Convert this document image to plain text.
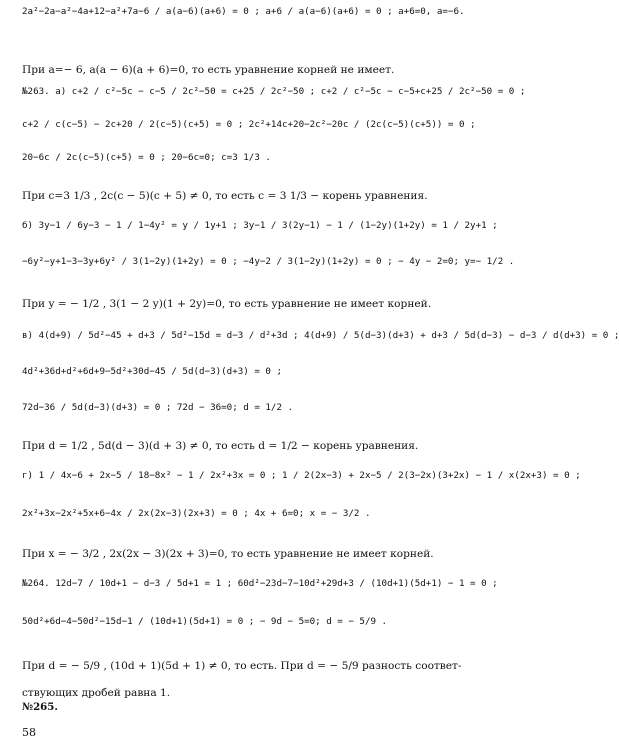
2a²−2a−a²−4a+12−a²+7a−6 / a(a−6)(a+6) = 0 ; a+6 / a(a−6)(a+6) = 0 ; a+6=0, a=−6.
При a=− 6, a(a − 6)(a + 6)=0, то есть уравнение корней не имеет.
№263. а) c+2 / c²−5c − c−5 / 2c²−50 = c+25 / 2c²−50 ; c+2 / c²−5c − c−5+c+25 / 2c²−50 = 0 ;
c+2 / c(c−5) − 2c+20 / 2(c−5)(c+5) = 0 ; 2c²+14c+20−2c²−20c / (2c(c−5)(c+5)) = 0 ;
20−6c / 2c(c−5)(c+5) = 0 ; 20−6c=0; c=3 1/3 .
При c=3 1/3 , 2c(c − 5)(c + 5) ≠ 0, то есть c = 3 1/3 − корень уравнения.
б) 3y−1 / 6y−3 − 1 / 1−4y² = y / 1y+1 ; 3y−1 / 3(2y−1) − 1 / (1−2y)(1+2y) = 1 / 2y+1 ;
−6y²−y+1−3−3y+6y² / 3(1−2y)(1+2y) = 0 ; −4y−2 / 3(1−2y)(1+2y) = 0 ; − 4y − 2=0; y=− 1/2 .
При y = − 1/2 , 3(1 − 2 y)(1 + 2y)=0, то есть уравнение не имеет корней.
в) 4(d+9) / 5d²−45 + d+3 / 5d²−15d = d−3 / d²+3d ; 4(d+9) / 5(d−3)(d+3) + d+3 / 5d(d−3) − d−3 / d(d+3) = 0 ;
4d²+36d+d²+6d+9−5d²+30d−45 / 5d(d−3)(d+3) = 0 ;
72d−36 / 5d(d−3)(d+3) = 0 ; 72d − 36=0; d = 1/2 .
При d = 1/2 , 5d(d − 3)(d + 3) ≠ 0, то есть d = 1/2 − корень уравнения.
г) 1 / 4x−6 + 2x−5 / 18−8x² − 1 / 2x²+3x = 0 ; 1 / 2(2x−3) + 2x−5 / 2(3−2x)(3+2x) − 1 / x(2x+3) = 0 ;
2x²+3x−2x²+5x+6−4x / 2x(2x−3)(2x+3) = 0 ; 4x + 6=0; x = − 3/2 .
При x = − 3/2 , 2x(2x − 3)(2x + 3)=0, то есть уравнение не имеет корней.
№264. 12d−7 / 10d+1 − d−3 / 5d+1 = 1 ; 60d²−23d−7−10d²+29d+3 / (10d+1)(5d+1) − 1 = 0 ;
50d²+6d−4−50d²−15d−1 / (10d+1)(5d+1) = 0 ; − 9d − 5=0; d = − 5/9 .
При d = − 5/9 , (10d + 1)(5d + 1) ≠ 0, то есть. При d = − 5/9 разность соответ-
ствующих дробей равна 1.
№265.
58
